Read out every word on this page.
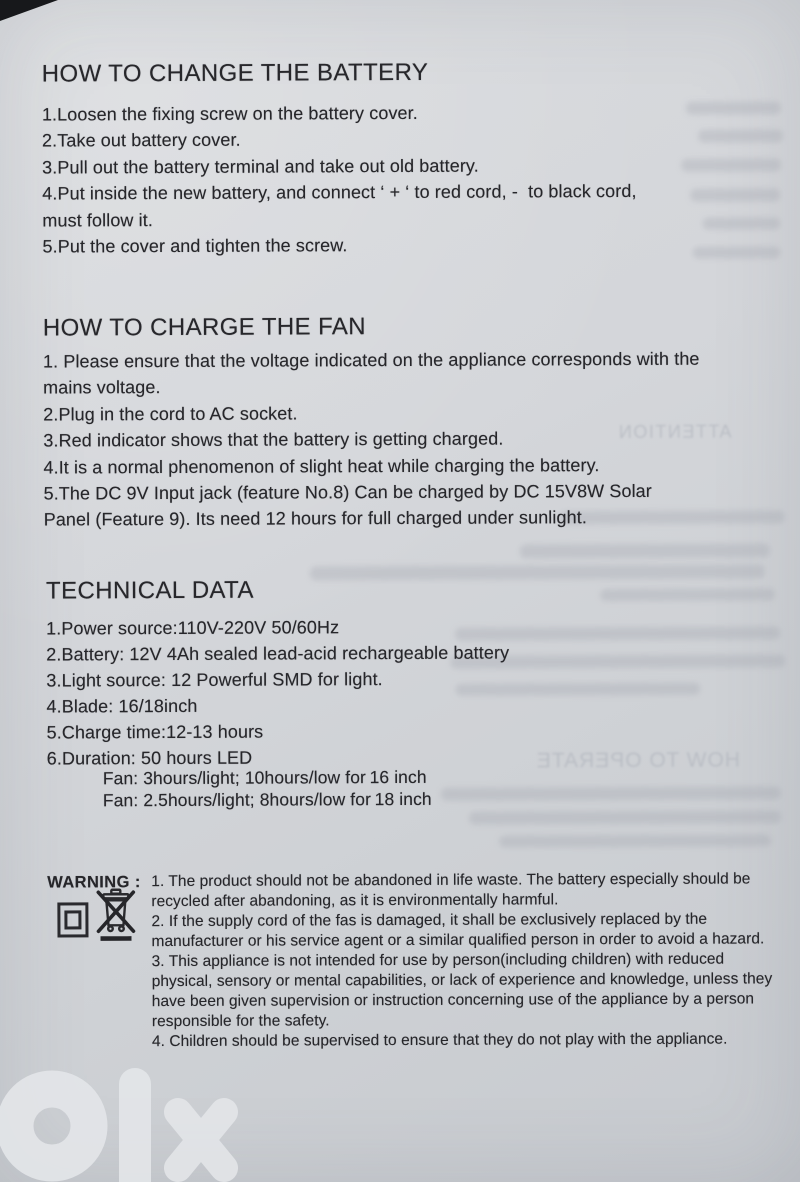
ATTENTION
HOW TO OPERATE
HOW TO CHANGE THE BATTERY
1.Loosen the fixing screw on the battery cover.
2.Take out battery cover.
3.Pull out the battery terminal and take out old battery.
4.Put inside the new battery, and connect ‘ + ‘ to red cord, -  to black cord,
must follow it.
5.Put the cover and tighten the screw.
HOW TO CHARGE THE FAN
1. Please ensure that the voltage indicated on the appliance corresponds with the
mains voltage.
2.Plug in the cord to AC socket.
3.Red indicator shows that the battery is getting charged.
4.It is a normal phenomenon of slight heat while charging the battery.
5.The DC 9V Input jack (feature No.8) Can be charged by DC 15V8W Solar
Panel (Feature 9). Its need 12 hours for full charged under sunlight.
TECHNICAL DATA
1.Power source:110V-220V 50/60Hz
2.Battery: 12V 4Ah sealed lead-acid rechargeable battery
3.Light source: 12 Powerful SMD for light.
4.Blade: 16/18inch
5.Charge time:12-13 hours
6.Duration: 50 hours LED
Fan: 3hours/light; 10hours/low for 16 inch
Fan: 2.5hours/light; 8hours/low for 18 inch
WARNING : 1. The product should not be abandoned in life waste. The battery especially should be recycled after abandoning, as it is environmentally harmful.
2. If the supply cord of the fas is damaged, it shall be exclusively replaced by the manufacturer or his service agent or a similar qualified person in order to avoid a hazard.
3. This appliance is not intended for use by person(including children) with reduced physical, sensory or mental capabilities, or lack of experience and knowledge, unless they have been given supervision or instruction concerning use of the appliance by a person responsible for the safety.
4. Children should be supervised to ensure that they do not play with the appliance.
